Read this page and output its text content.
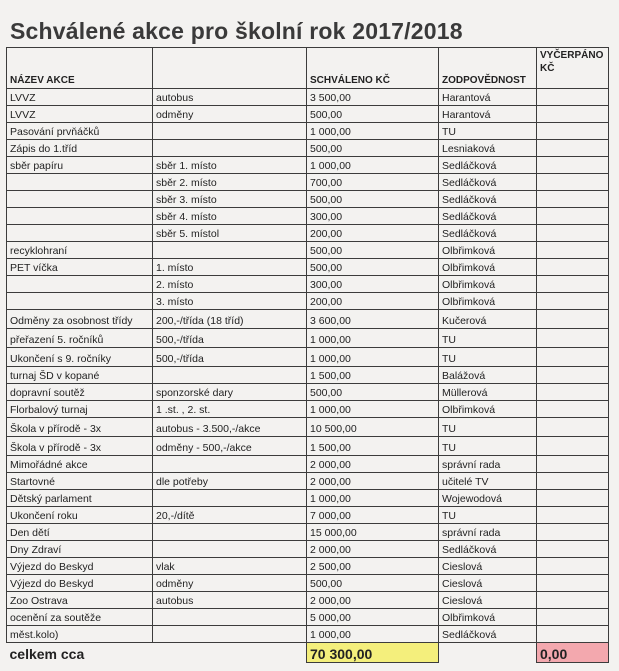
Schválené akce pro školní rok 2017/2018
NÁZEV AKCE		SCHVÁLENO KČ	ZODPOVĚDNOST	VYČERPÁNO KČ
LVVZ	autobus	3 500,00	Harantová	
LVVZ	odměny	500,00	Harantová	
Pasování prvňáčků		1 000,00	TU	
Zápis do 1.tříd		500,00	Lesniaková	
sběr papíru	sběr 1. místo	1 000,00	Sedláčková	
	sběr 2. místo	700,00	Sedláčková	
	sběr 3. místo	500,00	Sedláčková	
	sběr 4. místo	300,00	Sedláčková	
	sběr 5. místol	200,00	Sedláčková	
recyklohraní		500,00	Olbřimková	
PET víčka	1. místo	500,00	Olbřimková	
	2. místo	300,00	Olbřimková	
	3. místo	200,00	Olbřimková	
Odměny za osobnost třídy	200,-/třída (18 tříd)	3 600,00	Kučerová	
přeřazení 5. ročníků	500,-/třída	1 000,00	TU	
Ukončení s 9. ročníky	500,-/třída	1 000,00	TU	
turnaj ŠD v kopané		1 500,00	Balážová	
dopravní soutěž	sponzorské dary	500,00	Müllerová	
Florbalový turnaj	1 .st. , 2. st.	1 000,00	Olbřimková	
Škola v přírodě - 3x	autobus - 3.500,-/akce	10 500,00	TU	
Škola v přírodě - 3x	odměny - 500,-/akce	1 500,00	TU	
Mimořádné akce		2 000,00	správní rada	
Startovné	dle potřeby	2 000,00	učitelé TV	
Dětský parlament		1 000,00	Wojewodová	
Ukončení roku	20,-/dítě	7 000,00	TU	
Den dětí		15 000,00	správní rada	
Dny Zdraví		2 000,00	Sedláčková	
Výjezd do Beskyd	vlak	2 500,00	Cieslová	
Výjezd do Beskyd	odměny	500,00	Cieslová	
Zoo Ostrava	autobus	2 000,00	Cieslová	
ocenění za soutěže		5 000,00	Olbřimková	
měst.kolo)		1 000,00	Sedláčková	
celkem cca		70 300,00		0,00
